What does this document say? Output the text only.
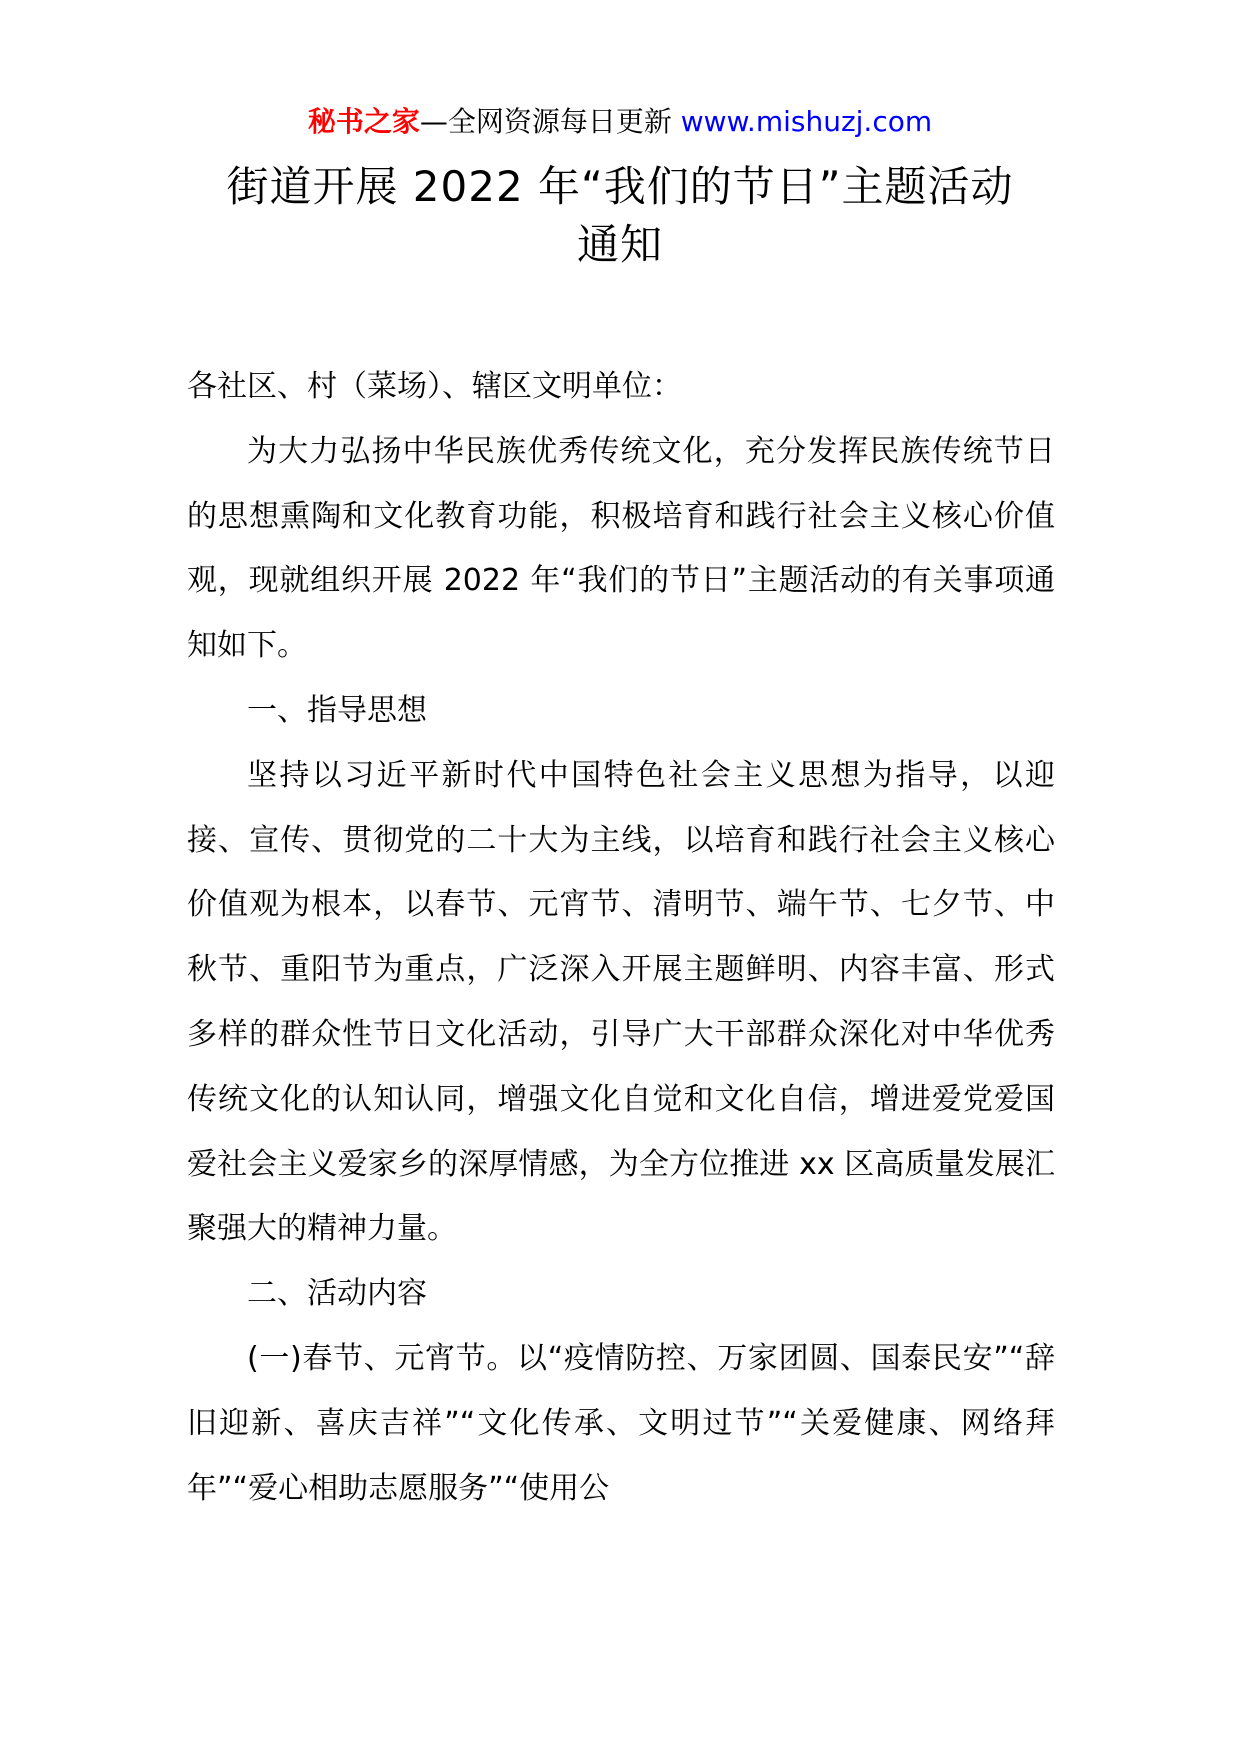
秘书之家—全网资源每日更新 www.mishuzj.com
街道开展 2022 年“我们的节日”主题活动
通知

各社区、村（菜场）、辖区文明单位：

为大力弘扬中华民族优秀传统文化，充分发挥民族传统节日的思想熏陶和文化教育功能，积极培育和践行社会主义核心价值观，现就组织开展 2022 年“我们的节日”主题活动的有关事项通知如下。

一、指导思想

坚持以习近平新时代中国特色社会主义思想为指导，以迎接、宣传、贯彻党的二十大为主线，以培育和践行社会主义核心价值观为根本，以春节、元宵节、清明节、端午节、七夕节、中秋节、重阳节为重点，广泛深入开展主题鲜明、内容丰富、形式多样的群众性节日文化活动，引导广大干部群众深化对中华优秀传统文化的认知认同，增强文化自觉和文化自信，增进爱党爱国爱社会主义爱家乡的深厚情感，为全方位推进 xx 区高质量发展汇聚强大的精神力量。

二、活动内容

(一)春节、元宵节。以“疫情防控、万家团圆、国泰民安”“辞旧迎新、喜庆吉祥”“文化传承、文明过节”“关爱健康、网络拜年”“爱心相助志愿服务”“使用公
